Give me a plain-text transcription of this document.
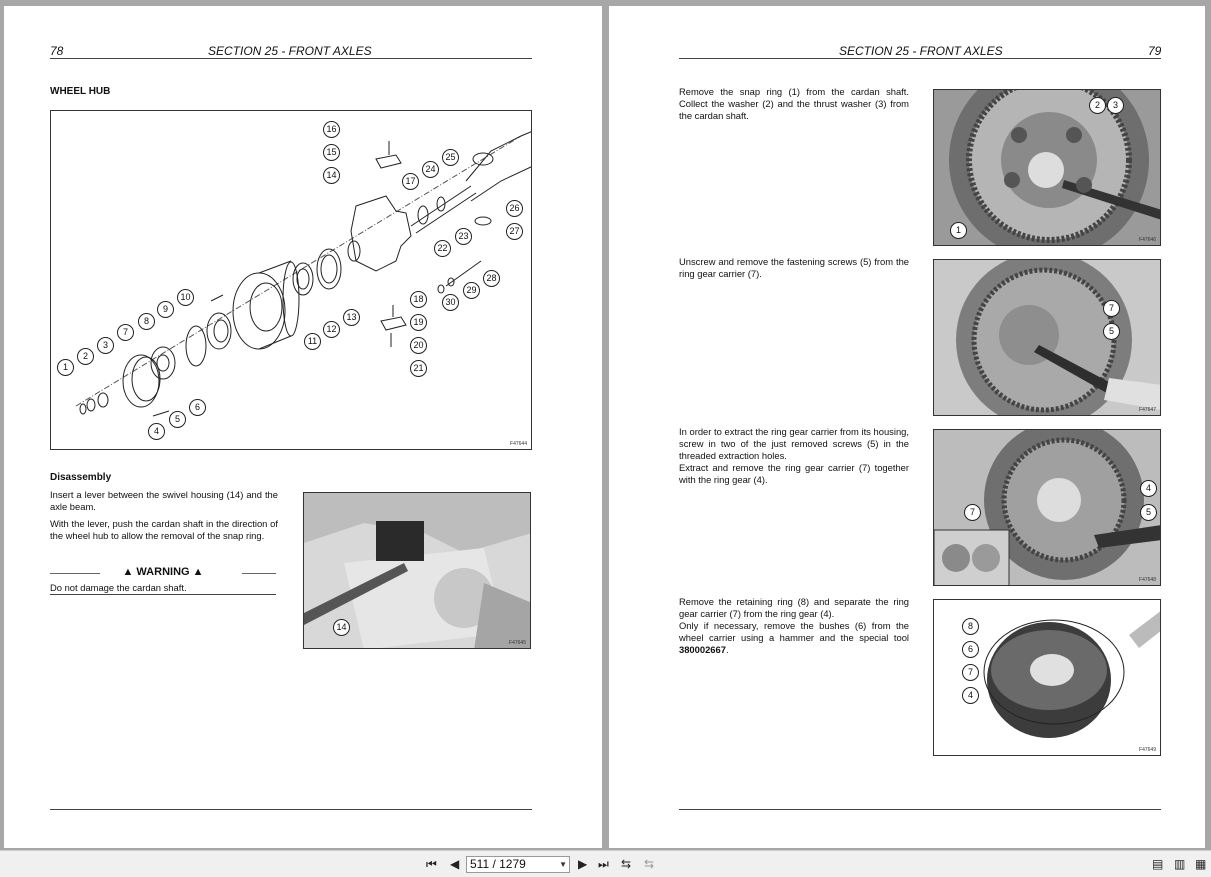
78	SECTION 25 - FRONT AXLES
WHEEL HUB
1
2
3
4
5
6
7
8
9
10
11
12
13
14
15
16
17
18
19
20
21
22
23
24
25
26
27
28
29
30
F47644
Disassembly
Insert a lever between the swivel housing (14) and the axle beam.
With the lever, push the cardan shaft in the direction of the wheel hub to allow the removal of the snap ring.
▲ WARNING ▲
Do not damage the cardan shaft.
14
F47645
SECTION 25 - FRONT AXLES	79
Remove the snap ring (1) from the cardan shaft. Collect the washer (2) and the thrust washer (3) from the cardan shaft.
2	3
1
F47646
Unscrew and remove the fastening screws (5) from the ring gear carrier (7).
7
5
F47647
In order to extract the ring gear carrier from its housing, screw in two of the just removed screws (5) in the threaded extraction holes.
Extract and remove the ring gear carrier (7) together with the ring gear (4).
4
7	5
F47648
Remove the retaining ring (8) and separate the ring gear carrier (7) from the ring gear (4).
Only if necessary, remove the bushes (6) from the wheel carrier using a hammer and the special tool 380002667.
8
6
7
4
F47649
⏮ ◀ 511 / 1279	▼ ▶ ⏭ ⇆ ⇆	▤ ▥ ▦
